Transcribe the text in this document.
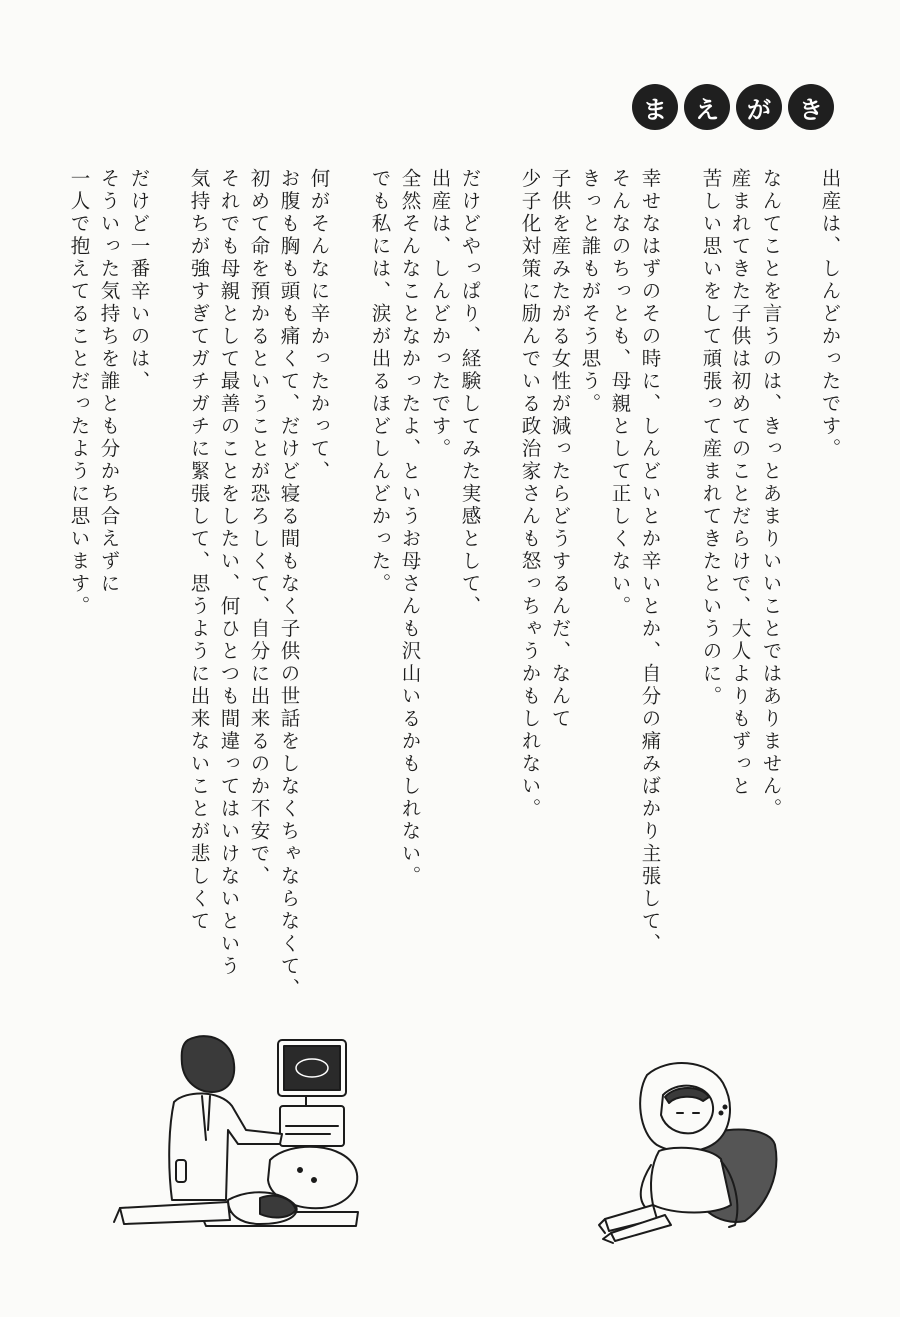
ま え が き
出産は、しんどかったです。
なんてことを言うのは、きっとあまりいいことではありません。
産まれてきた子供は初めてのことだらけで、大人よりもずっと
苦しい思いをして頑張って産まれてきたというのに。
幸せなはずのその時に、しんどいとか辛いとか、自分の痛みばかり主張して、
そんなのちっとも、母親として正しくない。
きっと誰もがそう思う。
子供を産みたがる女性が減ったらどうするんだ、なんて
少子化対策に励んでいる政治家さんも怒っちゃうかもしれない。
だけどやっぱり、経験してみた実感として、
出産は、しんどかったです。
全然そんなことなかったよ、というお母さんも沢山いるかもしれない。
でも私には、涙が出るほどしんどかった。
何がそんなに辛かったかって、
お腹も胸も頭も痛くて、だけど寝る間もなく子供の世話をしなくちゃならなくて、
初めて命を預かるということが恐ろしくて、自分に出来るのか不安で、
それでも母親として最善のことをしたい、何ひとつも間違ってはいけないという
気持ちが強すぎてガチガチに緊張して、思うように出来ないことが悲しくて
だけど一番辛いのは、
そういった気持ちを誰とも分かち合えずに
一人で抱えてることだったように思います。
